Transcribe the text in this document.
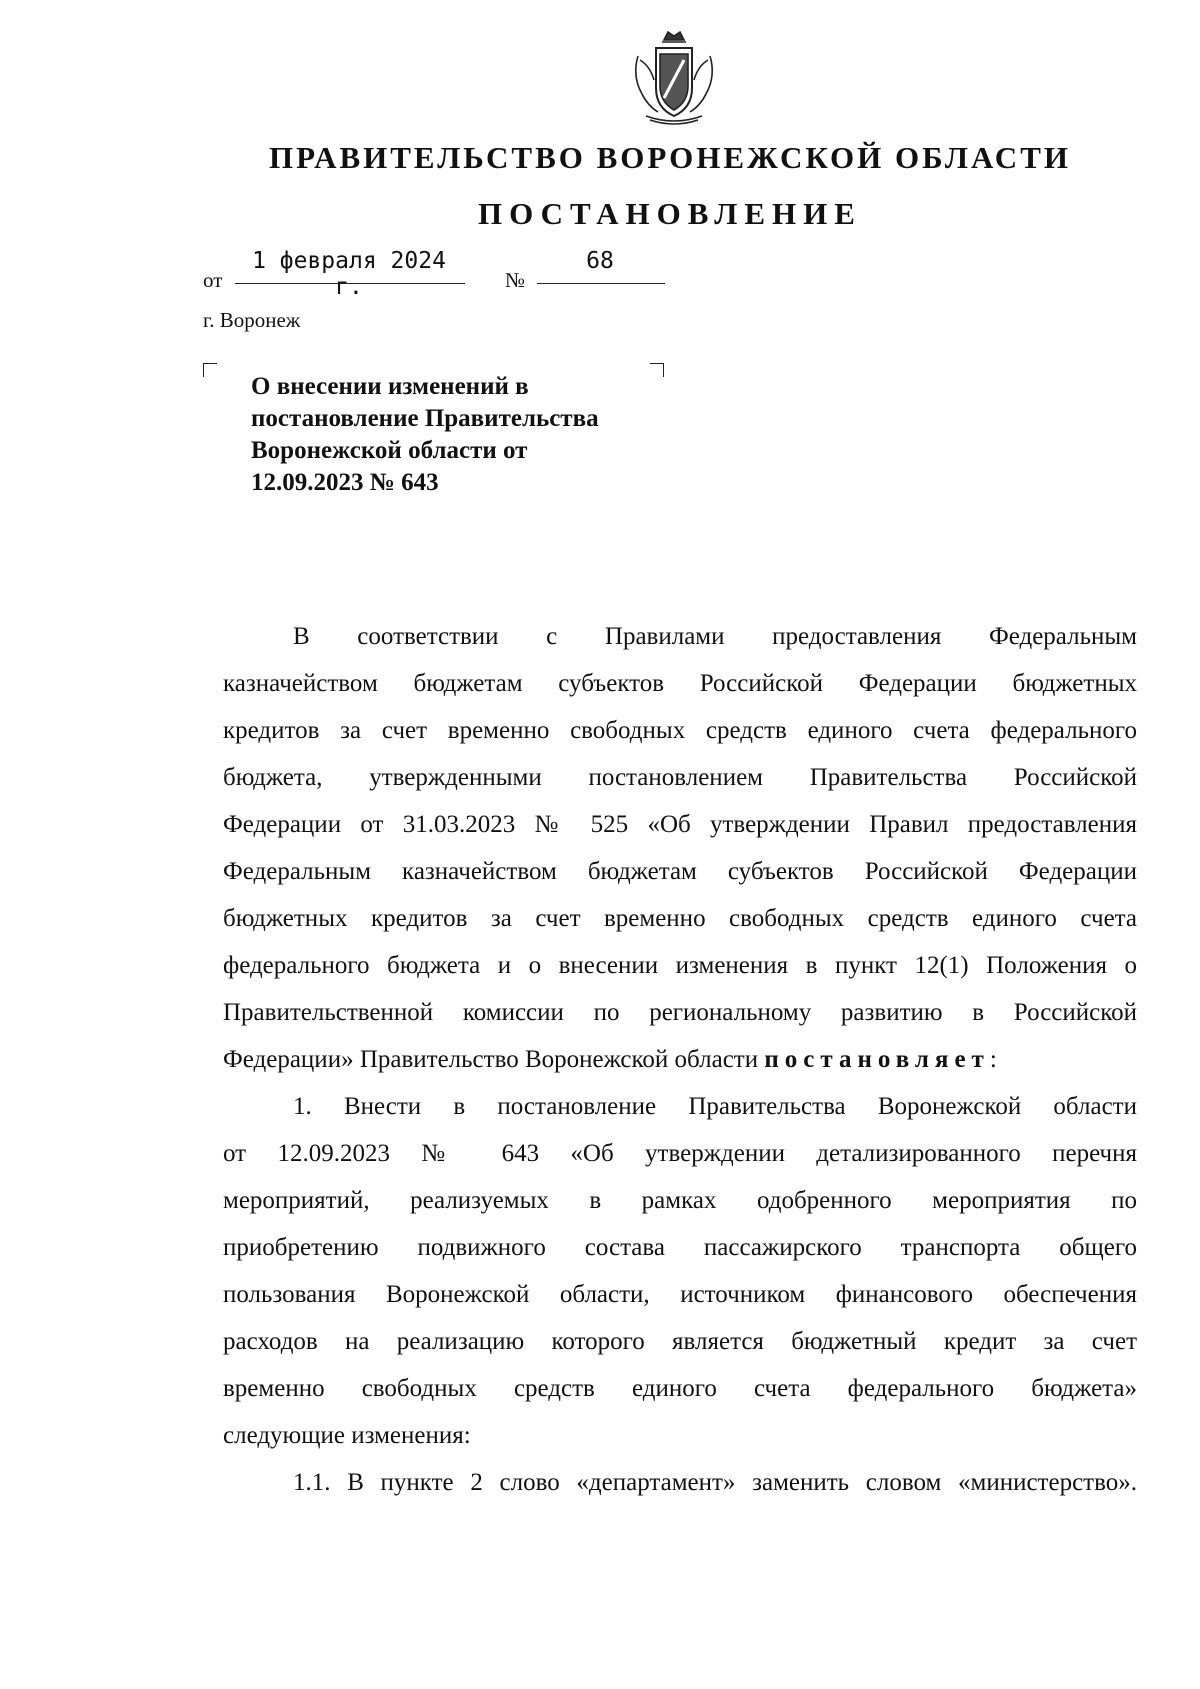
ПРАВИТЕЛЬСТВО ВОРОНЕЖСКОЙ ОБЛАСТИ
ПОСТАНОВЛЕНИЕ
от
1 февраля 2024 г.	№
68
г. Воронеж
О внесении изменений в
постановление Правительства
Воронежской области от
12.09.2023 № 643
В соответствии с Правилами предоставления Федеральным
казначейством бюджетам субъектов Российской Федерации бюджетных
кредитов за счет временно свободных средств единого счета федерального
бюджета, утвержденными постановлением Правительства Российской
Федерации от 31.03.2023 № 525 «Об утверждении Правил предоставления
Федеральным казначейством бюджетам субъектов Российской Федерации
бюджетных кредитов за счет временно свободных средств единого счета
федерального бюджета и о внесении изменения в пункт 12(1) Положения о
Правительственной комиссии по региональному развитию в Российской
Федерации» Правительство Воронежской области постановляет:
1. Внести в постановление Правительства Воронежской области
от 12.09.2023 № 643 «Об утверждении детализированного перечня
мероприятий, реализуемых в рамках одобренного мероприятия по
приобретению подвижного состава пассажирского транспорта общего
пользования Воронежской области, источником финансового обеспечения
расходов на реализацию которого является бюджетный кредит за счет
временно свободных средств единого счета федерального бюджета»
следующие изменения:
1.1. В пункте 2 слово «департамент» заменить словом «министерство».
